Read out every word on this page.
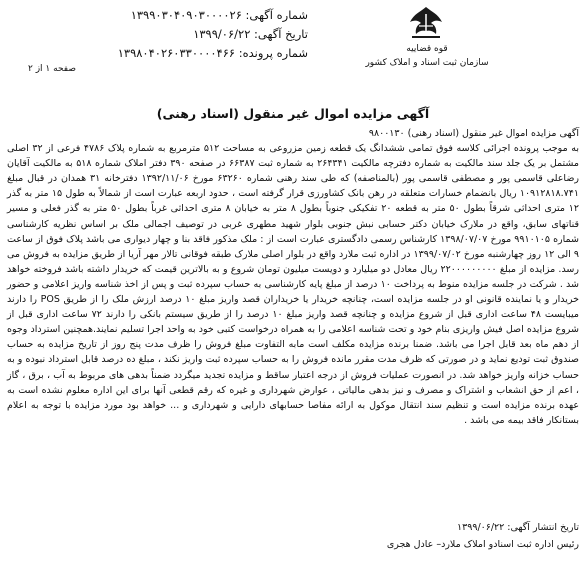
شماره آگهی: ۱۳۹۹۰۳۰۴۰۹۰۳۰۰۰۰۲۶
تاریخ آگهی: ۱۳۹۹/۰۶/۲۲
شماره پرونده: ۱۳۹۸۰۴۰۲۶۰۳۳۰۰۰۰۴۶۶	قوه قضاییه
سازمان ثبت اسناد و املاک کشور
صفحه ۱ از ۲
آگهی مزایده اموال غیر منقول (اسناد رهنی)

آگهی مزایده اموال غیر منقول (اسناد رهنی) ۹۸۰۰۱۳۰

به موجب پرونده اجرائی کلاسه فوق تمامی ششدانگ یک قطعه زمین مزروعی به مساحت ۵۱۲ مترمربع به شماره پلاک ۴۷۸۶ فرعی از ۳۲ اصلی مشتمل بر یک جلد سند مالکیت به شماره دفترچه مالکیت ۲۶۴۳۴۱ به شماره ثبت ۶۶۳۸۷ در صفحه ۳۹۰ دفتر املاک شماره ۵۱۸ به مالکیت آقایان رضاعلی قاسمی پور و مصطفی قاسمی پور (بالمناصفه) که طی سند رهنی شماره ۶۳۲۶۰ مورخ ۱۳۹۲/۱۱/۰۶ دفترخانه ۳۱ همدان در قبال مبلغ ۱۰۹۱۲۸۱۸.۷۴۱ ریال بانضمام خسارات متعلقه در رهن بانک کشاورزی قرار گرفته است ، حدود اربعه عبارت است از شمالاً به طول ۱۵ متر به گذر ۱۲ متری احداثی شرقاً بطول ۵۰ متر به قطعه ۲۰ تفکیکی جنوباً بطول ۸ متر به خیابان ۸ متری احداثی غرباً بطول ۵۰ متر به گذر فعلی و مسیر قناتهای سابق، واقع در ملارک خیابان دکتر حسابی نبش جنوبی بلوار شهید مطهری غربی در توصیف اجمالی ملک بر اساس نظریه کارشناسی شماره ۹۹۱۰۱۰۵ مورخ ۱۳۹۸/۰۷/۰۷ کارشناس رسمی دادگستری عبارت است از : ملک مذکور فاقد بنا و چهار دیواری می باشد پلاک فوق از ساعت ۹ الی ۱۲ روز چهارشنبه مورخ ۱۳۹۹/۰۷/۰۲ در اداره ثبت ملارد واقع در بلوار اصلی ملارک طبقه فوقانی تالار مهر آریا از طریق مزایده به فروش می رسد. مزایده از مبلغ ۲۲۰۰۰۰۰۰۰۰۰ ریال معادل دو میلیارد و دویست میلیون تومان شروع و به بالاترین قیمت که خریدار داشته باشد فروخته خواهد شد . شرکت در جلسه مزایده منوط به پرداخت ۱۰ درصد از مبلغ پایه کارشناسی به حساب سپرده ثبت و پس از اخذ شناسه واریز اعلامی و حضور خریدار و یا نماینده قانونی او در جلسه مزایده است، چنانچه خریدار یا خریداران قصد واریز مبلغ ۱۰ درصد ارزش ملک را از طریق POS را دارند میبایست ۴۸ ساعت اداری قبل از شروع مزایده و چنانچه قصد واریز مبلغ ۱۰ درصد را از طریق سیستم بانکی را دارند ۷۲ ساعت اداری قبل از شروع مزایده اصل فیش واریزی بنام خود و تحت شناسه اعلامی را به همراه درخواست کتبی خود به واحد اجرا تسلیم نمایند.همچنین استرداد وجوه از دهم ماه بعد قابل اجرا می باشد. ضمنا برنده مزایده مکلف است مابه التفاوت مبلغ فروش را ظرف مدت پنج روز از تاریخ مزایده به حساب صندوق ثبت تودیع نماید و در صورتی که ظرف مدت مقرر مانده فروش را به حساب سپرده ثبت واریز نکند ، مبلغ ده درصد قابل استرداد نبوده و به حساب خزانه واریز خواهد شد. در انصورت عملیات فروش از درجه اعتبار ساقط و مزایده تجدید میگردد ضمناً بدهی های مربوط به آب ، برق ، گاز ، اعم از حق انشعاب و اشتراک و مصرف و نیز بدهی مالیاتی ، عوارض شهرداری و غیره که رقم قطعی آنها برای این اداره معلوم نشده است به عهده برنده مزایده است و تنظیم سند انتقال موکول به ارائه مفاصا حسابهای دارایی و شهرداری و ... خواهد بود مورد مزایده با توجه به اعلام بستانکار فاقد بیمه می باشد .

تاریخ انتشار آگهی: ۱۳۹۹/۰۶/۲۲
رئیس اداره ثبت اسنادو املاک ملارد– عادل هجری
